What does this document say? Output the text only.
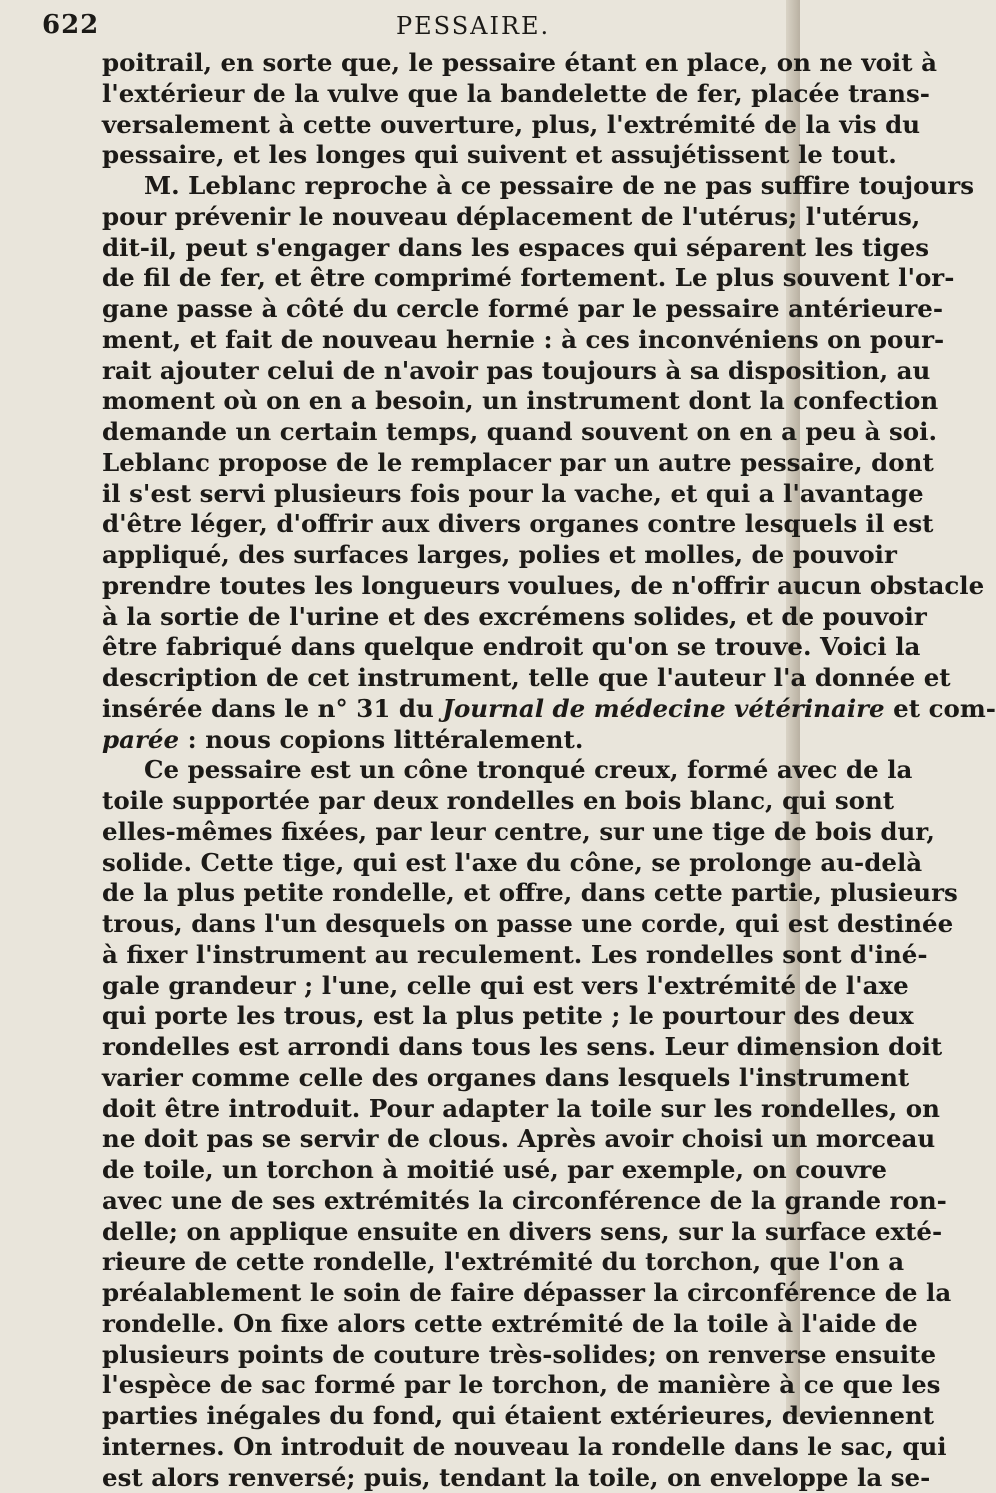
622	PESSAIRE.
poitrail, en sorte que, le pessaire étant en place, on ne voit à
l'extérieur de la vulve que la bandelette de fer, placée trans-
versalement à cette ouverture, plus, l'extrémité de la vis du
pessaire, et les longes qui suivent et assujétissent le tout.
M. Leblanc reproche à ce pessaire de ne pas suffire toujours
pour prévenir le nouveau déplacement de l'utérus; l'utérus,
dit-il, peut s'engager dans les espaces qui séparent les tiges
de fil de fer, et être comprimé fortement. Le plus souvent l'or-
gane passe à côté du cercle formé par le pessaire antérieure-
ment, et fait de nouveau hernie : à ces inconvéniens on pour-
rait ajouter celui de n'avoir pas toujours à sa disposition, au
moment où on en a besoin, un instrument dont la confection
demande un certain temps, quand souvent on en a peu à soi.
Leblanc propose de le remplacer par un autre pessaire, dont
il s'est servi plusieurs fois pour la vache, et qui a l'avantage
d'être léger, d'offrir aux divers organes contre lesquels il est
appliqué, des surfaces larges, polies et molles, de pouvoir
prendre toutes les longueurs voulues, de n'offrir aucun obstacle
à la sortie de l'urine et des excrémens solides, et de pouvoir
être fabriqué dans quelque endroit qu'on se trouve. Voici la
description de cet instrument, telle que l'auteur l'a donnée et
insérée dans le n° 31 du Journal de médecine vétérinaire et com-
parée : nous copions littéralement.
Ce pessaire est un cône tronqué creux, formé avec de la
toile supportée par deux rondelles en bois blanc, qui sont
elles-mêmes fixées, par leur centre, sur une tige de bois dur,
solide. Cette tige, qui est l'axe du cône, se prolonge au-delà
de la plus petite rondelle, et offre, dans cette partie, plusieurs
trous, dans l'un desquels on passe une corde, qui est destinée
à fixer l'instrument au reculement. Les rondelles sont d'iné-
gale grandeur ; l'une, celle qui est vers l'extrémité de l'axe
qui porte les trous, est la plus petite ; le pourtour des deux
rondelles est arrondi dans tous les sens. Leur dimension doit
varier comme celle des organes dans lesquels l'instrument
doit être introduit. Pour adapter la toile sur les rondelles, on
ne doit pas se servir de clous. Après avoir choisi un morceau
de toile, un torchon à moitié usé, par exemple, on couvre
avec une de ses extrémités la circonférence de la grande ron-
delle; on applique ensuite en divers sens, sur la surface exté-
rieure de cette rondelle, l'extrémité du torchon, que l'on a
préalablement le soin de faire dépasser la circonférence de la
rondelle. On fixe alors cette extrémité de la toile à l'aide de
plusieurs points de couture très-solides; on renverse ensuite
l'espèce de sac formé par le torchon, de manière à ce que les
parties inégales du fond, qui étaient extérieures, deviennent
internes. On introduit de nouveau la rondelle dans le sac, qui
est alors renversé; puis, tendant la toile, on enveloppe la se-
